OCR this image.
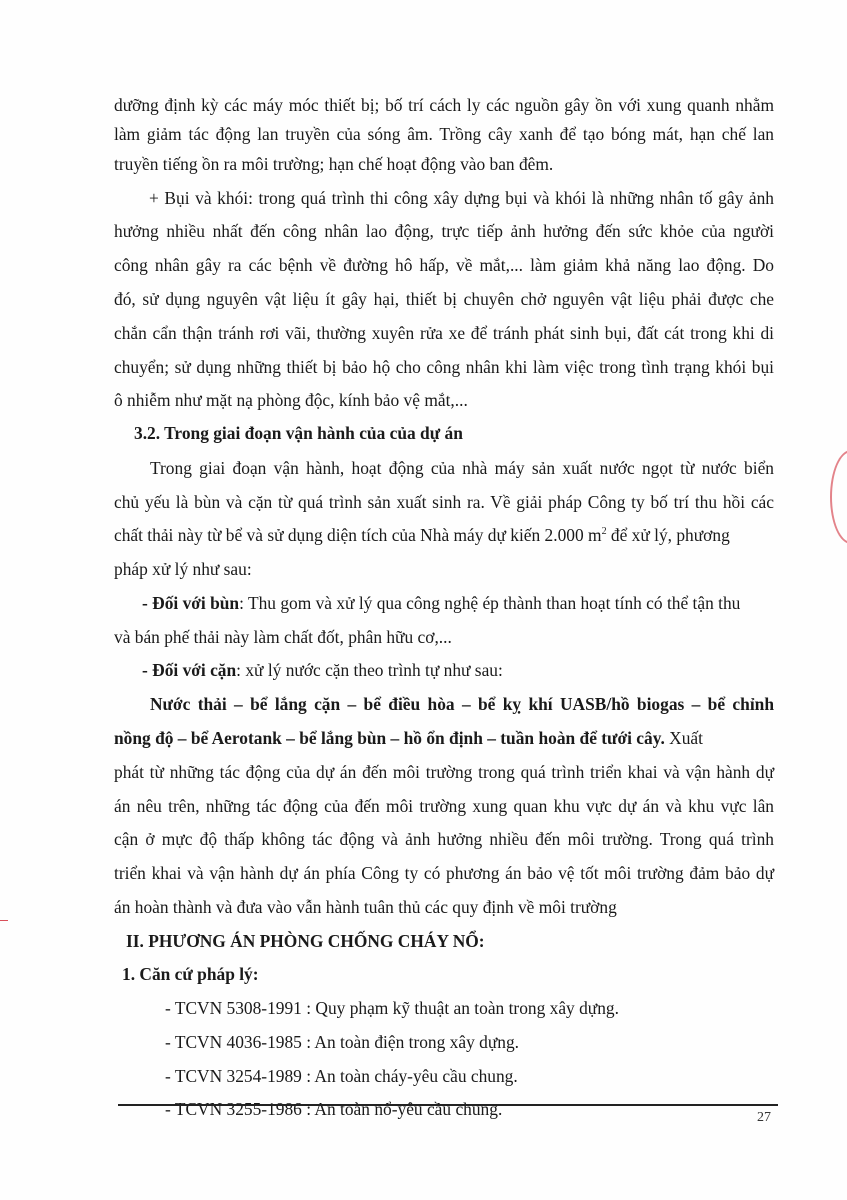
dưỡng định kỳ các máy móc thiết bị; bố trí cách ly các nguồn gây ồn với xung quanh nhằm
làm giảm tác động lan truyền của sóng âm. Trồng cây xanh để tạo bóng mát, hạn chế lan
truyền tiếng ồn ra môi trường; hạn chế hoạt động vào ban đêm.
+ Bụi và khói: trong quá trình thi công xây dựng bụi và khói là những nhân tố gây ảnh
hưởng nhiều nhất đến công nhân lao động, trực tiếp ảnh hưởng đến sức khỏe của người
công nhân gây ra các bệnh về đường hô hấp, về mắt,... làm giảm khả năng lao động. Do
đó, sử dụng nguyên vật liệu ít gây hại, thiết bị chuyên chở nguyên vật liệu phải được che
chắn cẩn thận tránh rơi vãi, thường xuyên rửa xe để tránh phát sinh bụi, đất cát trong khi di
chuyển; sử dụng những thiết bị bảo hộ cho công nhân khi làm việc trong tình trạng khói bụi
ô nhiễm như mặt nạ phòng độc, kính bảo vệ mắt,...
3.2. Trong giai đoạn vận hành của của dự án
Trong giai đoạn vận hành, hoạt động của nhà máy sản xuất nước ngọt từ nước biển
chủ yếu là bùn và cặn từ quá trình sản xuất sinh ra. Về giải pháp Công ty bố trí thu hồi các
chất thải này từ bể và sử dụng diện tích của Nhà máy dự kiến 2.000 $m^2$ để xử lý, phương
pháp xử lý như sau:
- Đối với bùn: Thu gom và xử lý qua công nghệ ép thành than hoạt tính có thể tận thu
và bán phế thải này làm chất đốt, phân hữu cơ,...
- Đối với cặn: xử lý nước cặn theo trình tự như sau:
Nước thải – bể lắng cặn – bể điều hòa – bể kỵ khí UASB/hồ biogas – bể chỉnh
nồng độ – bể Aerotank – bể lắng bùn – hồ ổn định – tuần hoàn để tưới cây. Xuất
phát từ những tác động của dự án đến môi trường trong quá trình triển khai và vận hành dự
án nêu trên, những tác động của đến môi trường xung quan khu vực dự án và khu vực lân
cận ở mực độ thấp không tác động và ảnh hưởng nhiều đến môi trường. Trong quá trình
triển khai và vận hành dự án phía Công ty có phương án bảo vệ tốt môi trường đảm bảo dự
án hoàn thành và đưa vào vẫn hành tuân thủ các quy định về môi trường
II. PHƯƠNG ÁN PHÒNG CHỐNG CHÁY NỔ:
1. Căn cứ pháp lý:
- TCVN 5308-1991 : Quy phạm kỹ thuật an toàn trong xây dựng.
- TCVN 4036-1985 : An toàn điện trong xây dựng.
- TCVN 3254-1989 : An toàn cháy-yêu cầu chung.
- TCVN 3255-1986 : An toàn nổ-yêu cầu chung.	27
